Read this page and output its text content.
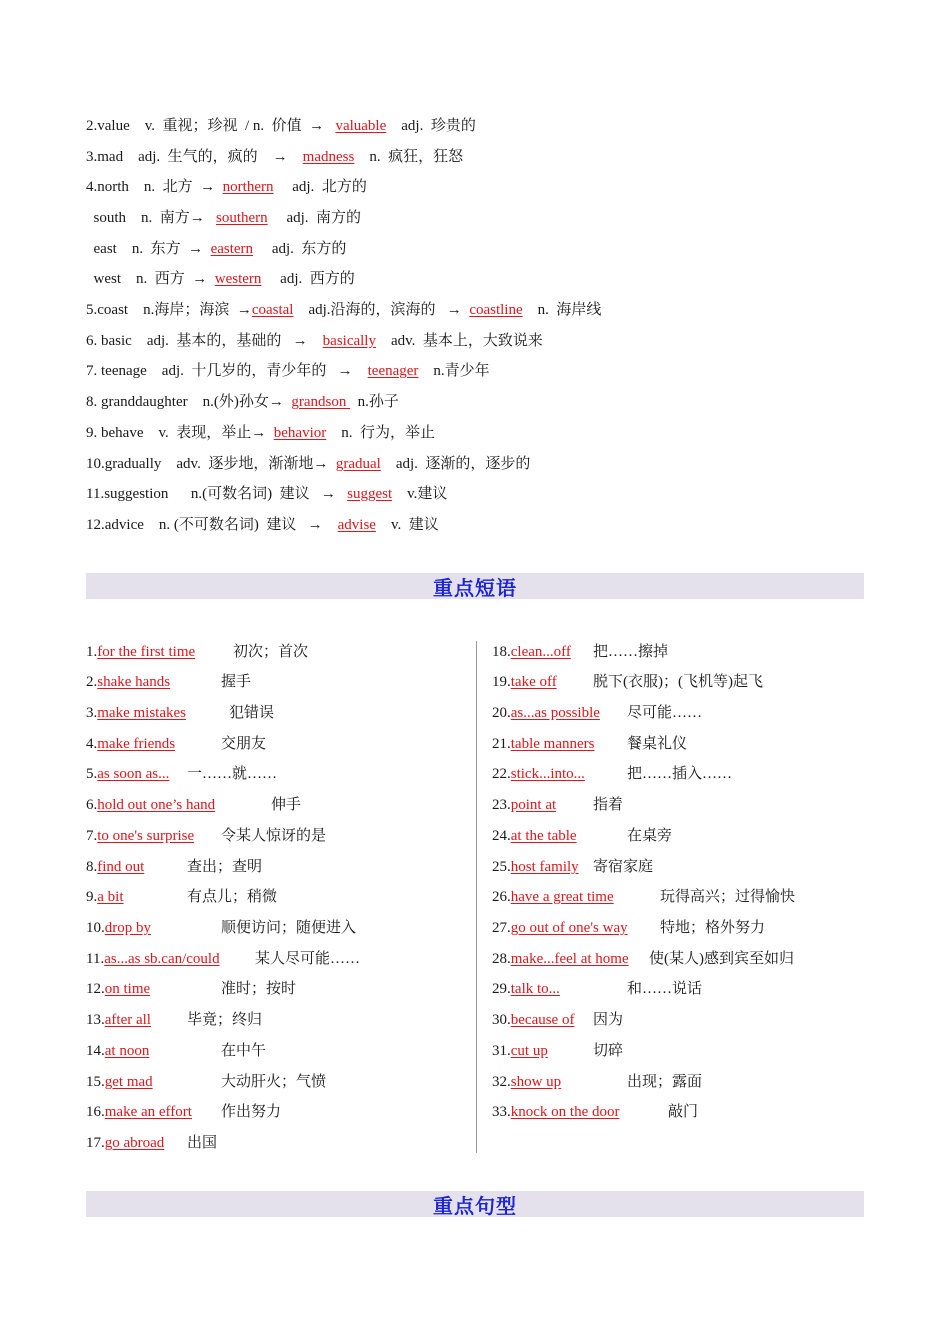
2.value    v.  重视；珍视  / n.  价值  →   valuable    adj.  珍贵的
3.mad    adj.  生气的，疯的    →    madness    n.  疯狂，狂怒
4.north    n.  北方  →  northern     adj.  北方的
south    n.  南方→   southern     adj.  南方的
east    n.  东方  →  eastern     adj.  东方的
west    n.  西方  →  western     adj.  西方的
5.coast    n.海岸；海滨  →coastal    adj.沿海的，滨海的   →  coastline    n.  海岸线
6. basic    adj.  基本的，基础的   →    basically    adv.  基本上，大致说来
7. teenage    adj.  十几岁的，青少年的   →    teenager    n.青少年
8. granddaughter    n.(外)孙女→  grandson   n.孙子
9. behave    v.  表现，举止→  behavior    n.  行为，举止
10.gradually    adv.  逐步地，渐渐地→  gradual    adj.  逐渐的，逐步的
11.suggestion      n.(可数名词)  建议   →   suggest    v.建议
12.advice    n. (不可数名词)  建议   →    advise    v.  建议
重点短语
1.for the first time	初次；首次
2.shake hands	握手
3.make mistakes	犯错误
4.make friends	交朋友
5.as soon as... 一……就……
6.hold out one’s hand	伸手
7.to one's surprise 令某人惊讶的是
8.find out	查出；查明
9.a bit	有点儿；稍微
10.drop by	顺便访问；随便进入
11.as...as sb.can/could 某人尽可能……
12.on time	准时；按时
13.after all 毕竟；终归
14.at noon	在中午
15.get mad	大动肝火；气愤
16.make an effort 作出努力
17.go abroad 出国
18.clean...off 把……擦掉
19.take off 脱下(衣服)；(飞机等)起飞
20.as...as possible 尽可能……
21.table manners 餐桌礼仪
22.stick...into...	把……插入……
23.point at 指着
24.at the table	在桌旁
25.host family 寄宿家庭
26.have a great time	玩得高兴；过得愉快
27.go out of one's way 特地；格外努力
28.make...feel at home 使(某人)感到宾至如归
29.talk to...	和……说话
30.because of 因为
31.cut up	切碎
32.show up	出现；露面
33.knock on the door	敲门
重点句型
